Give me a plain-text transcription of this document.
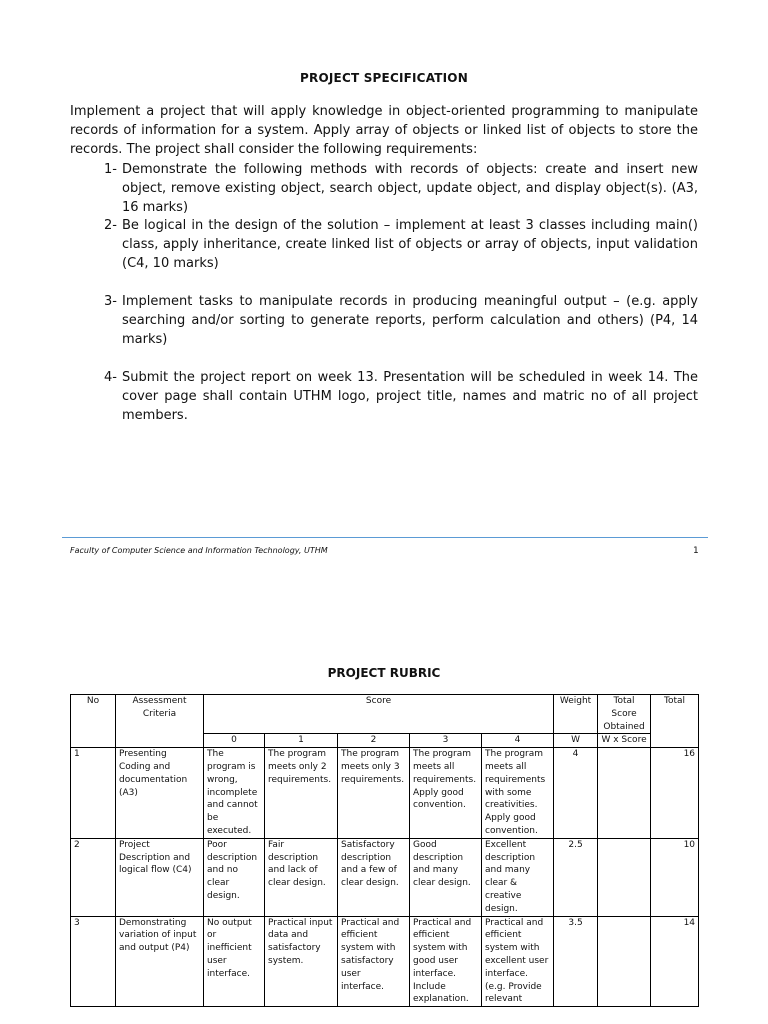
PROJECT SPECIFICATION
Implement a project that will apply knowledge in object-oriented programming to manipulate records of information for a system. Apply array of objects or linked list of objects to store the records. The project shall consider the following requirements:
1- Demonstrate the following methods with records of objects: create and insert new object, remove existing object, search object, update object, and display object(s). (A3, 16 marks)
2- Be logical in the design of the solution – implement at least 3 classes including main() class, apply inheritance, create linked list of objects or array of objects, input validation (C4, 10 marks)
3- Implement tasks to manipulate records in producing meaningful output – (e.g. apply searching and/or sorting to generate reports, perform calculation and others) (P4, 14 marks)
4- Submit the project report on week 13. Presentation will be scheduled in week 14. The cover page shall contain UTHM logo, project title, names and matric no of all project members.
Faculty of Computer Science and Information Technology, UTHM	1
PROJECT RUBRIC
No	Assessment Criteria	Score					Weight	Total Score Obtained	Total
		0	1	2	3	4	W	W x Score	
1	Presenting Coding and documentation (A3)	The program is wrong, incomplete and cannot be executed.	The program meets only 2 requirements.	The program meets only 3 requirements.	The program meets all requirements. Apply good convention.	The program meets all requirements with some creativities. Apply good convention.	4		16
2	Project Description and logical flow (C4)	Poor description and no clear design.	Fair description and lack of clear design.	Satisfactory description and a few of clear design.	Good description and many clear design.	Excellent description and many clear & creative design.	2.5		10
3	Demonstrating variation of input and output (P4)	No output or inefficient user interface.	Practical input data and satisfactory system.	Practical and efficient system with satisfactory user interface.	Practical and efficient system with good user interface. Include explanation.	Practical and efficient system with excellent user interface. (e.g. Provide relevant	3.5		14
